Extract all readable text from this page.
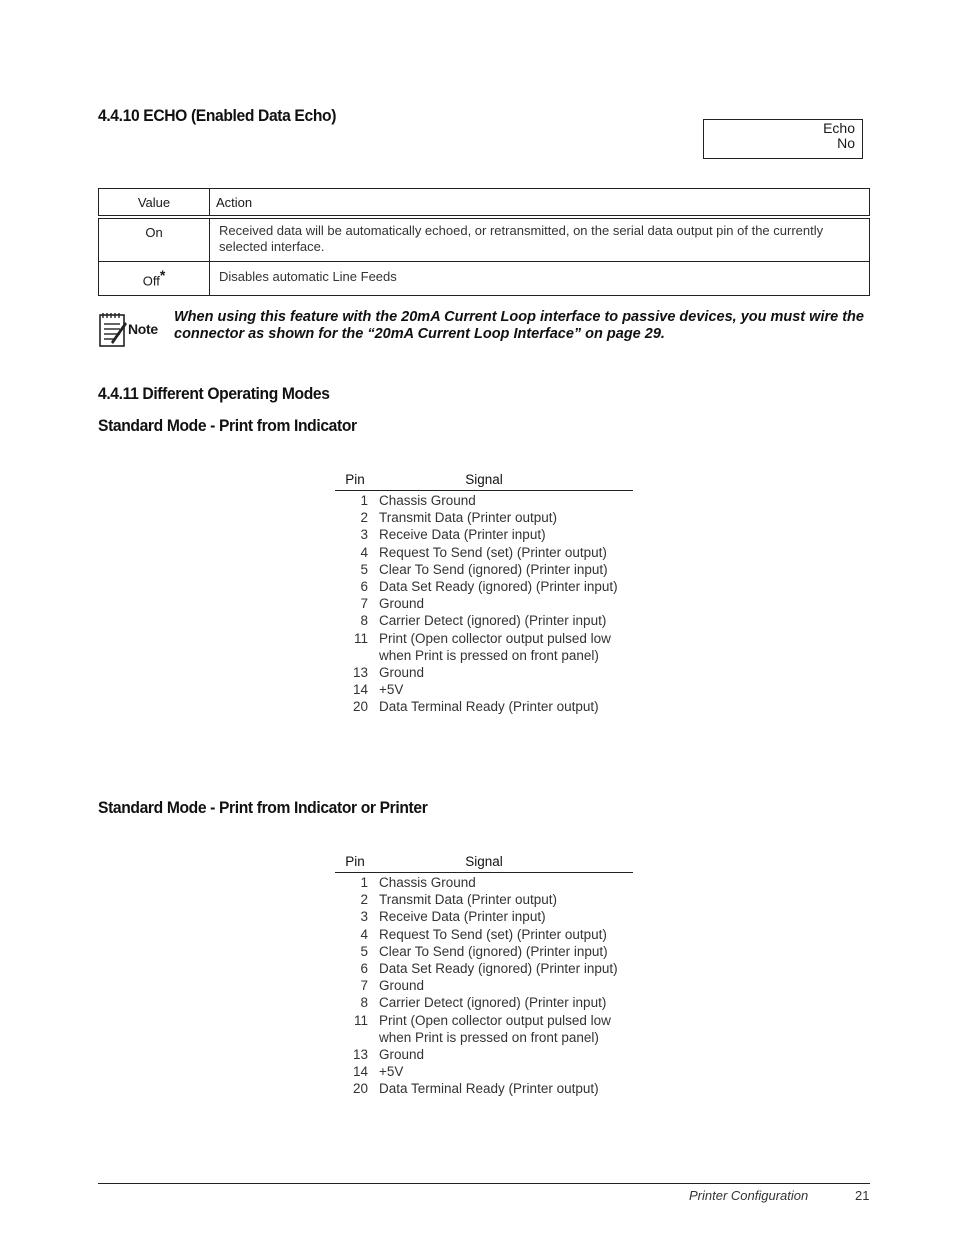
4.4.10 ECHO (Enabled Data Echo)
Echo
No
Value	Action
On	Received data will be automatically echoed, or retransmitted, on the serial data output pin of the currently selected interface.
Off*	Disables automatic Line Feeds
Note
When using this feature with the 20mA Current Loop interface to passive devices, you must wire the connector as shown for the “20mA Current Loop Interface” on page 29.
4.4.11 Different Operating Modes
Standard Mode - Print from Indicator
Pin	Signal
1 Chassis Ground
2 Transmit Data (Printer output)
3 Receive Data (Printer input)
4 Request To Send (set) (Printer output)
5 Clear To Send (ignored) (Printer input)
6 Data Set Ready (ignored) (Printer input)
7 Ground
8 Carrier Detect (ignored) (Printer input)
11 Print (Open collector output pulsed low
when Print is pressed on front panel)
13 Ground
14 +5V
20 Data Terminal Ready (Printer output)
Standard Mode - Print from Indicator or Printer
Pin	Signal
1 Chassis Ground
2 Transmit Data (Printer output)
3 Receive Data (Printer input)
4 Request To Send (set) (Printer output)
5 Clear To Send (ignored) (Printer input)
6 Data Set Ready (ignored) (Printer input)
7 Ground
8 Carrier Detect (ignored) (Printer input)
11 Print (Open collector output pulsed low
when Print is pressed on front panel)
13 Ground
14 +5V
20 Data Terminal Ready (Printer output)
Printer Configuration	21
